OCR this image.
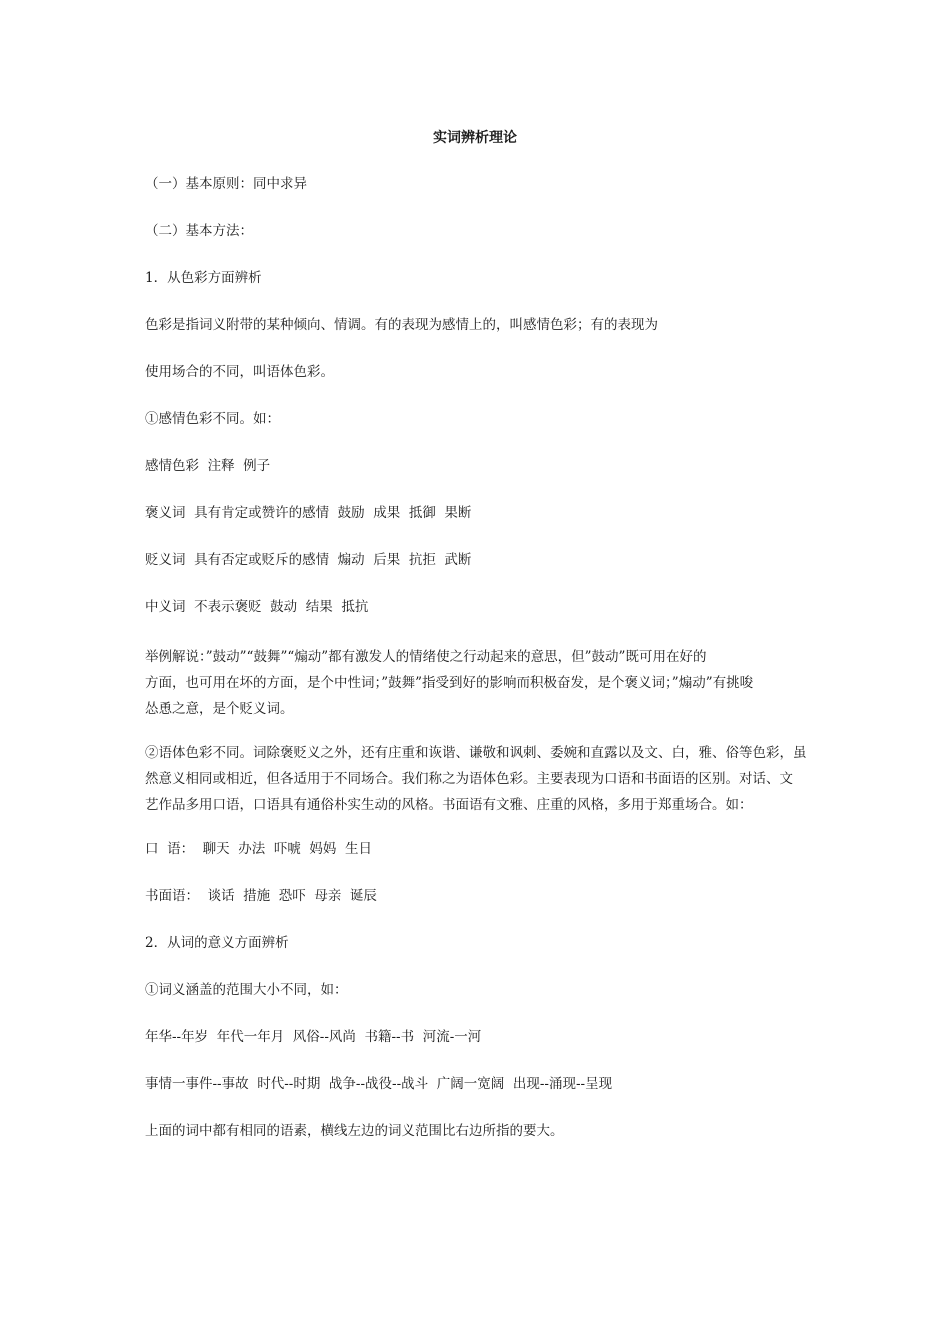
实词辨析理论
（一）基本原则：同中求异
（二）基本方法：
1．从色彩方面辨析
色彩是指词义附带的某种倾向、情调。有的表现为感情上的，叫感情色彩；有的表现为
使用场合的不同，叫语体色彩。
①感情色彩不同。如：
感情色彩  注释  例子
褒义词  具有肯定或赞许的感情  鼓励  成果  抵御  果断
贬义词  具有否定或贬斥的感情  煽动  后果  抗拒  武断
中义词  不表示褒贬  鼓动  结果  抵抗
举例解说：”鼓动”“鼓舞”“煽动”都有激发人的情绪使之行动起来的意思，但”鼓动”既可用在好的
方面，也可用在坏的方面，是个中性词；”鼓舞”指受到好的影响而积极奋发，是个褒义词；”煽动”有挑唆
怂恿之意，是个贬义词。
②语体色彩不同。词除褒贬义之外，还有庄重和诙谐、谦敬和讽刺、委婉和直露以及文、白，雅、俗等色彩，虽
然意义相同或相近，但各适用于不同场合。我们称之为语体色彩。主要表现为口语和书面语的区别。对话、文
艺作品多用口语，口语具有通俗朴实生动的风格。书面语有文雅、庄重的风格，多用于郑重场合。如：
口  语：  聊天  办法  吓唬  妈妈  生日
书面语：  谈话  措施  恐吓  母亲  诞辰
2．从词的意义方面辨析
①词义涵盖的范围大小不同，如：
年华--年岁  年代一年月  风俗--风尚  书籍--书  河流-一河
事情一事件--事故  时代--时期  战争--战役--战斗  广阔一宽阔  出现--涌现--呈现
上面的词中都有相同的语素，横线左边的词义范围比右边所指的要大。
